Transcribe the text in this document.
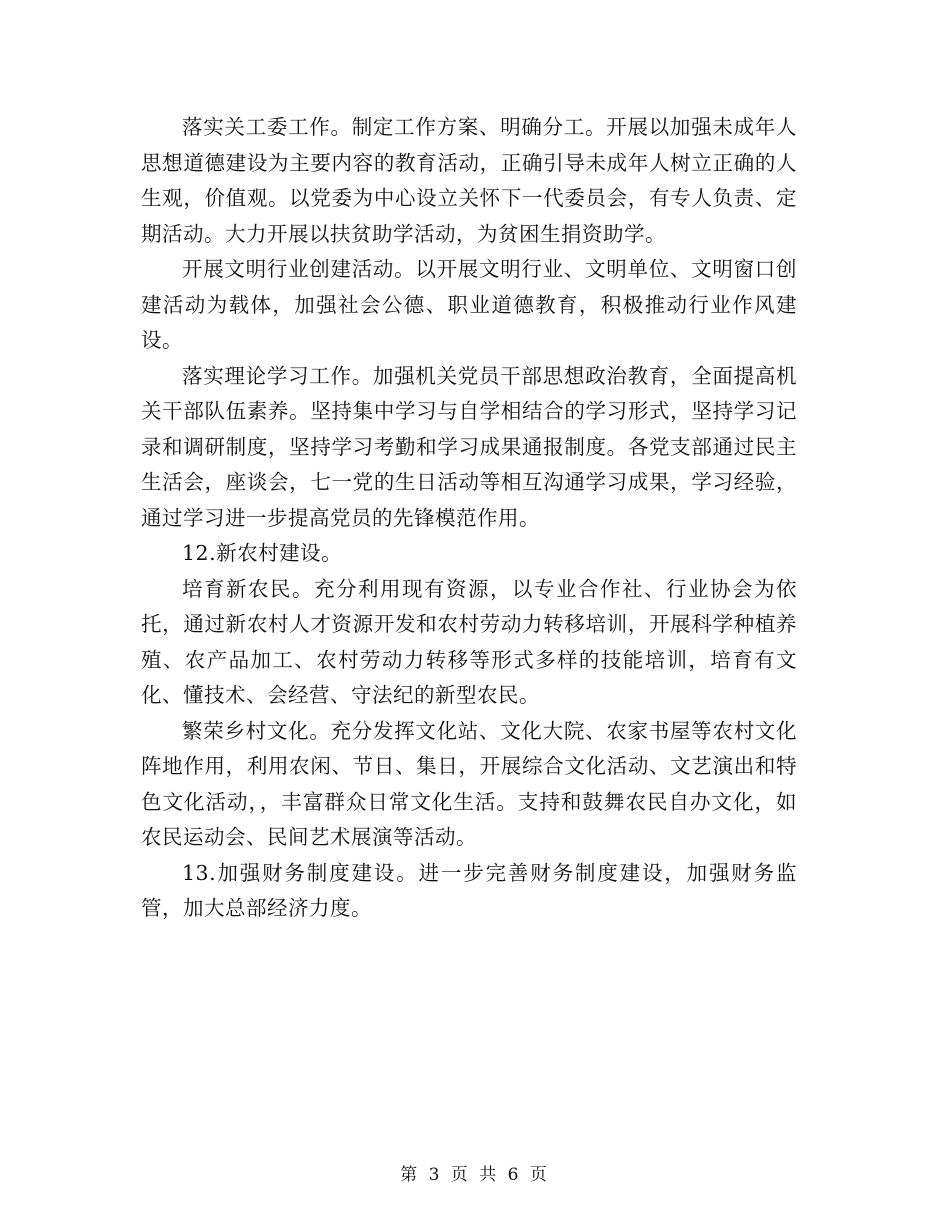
落实关工委工作。制定工作方案、明确分工。开展以加强未成年人思想道德建设为主要内容的教育活动，正确引导未成年人树立正确的人生观，价值观。以党委为中心设立关怀下一代委员会，有专人负责、定期活动。大力开展以扶贫助学活动，为贫困生捐资助学。

开展文明行业创建活动。以开展文明行业、文明单位、文明窗口创建活动为载体，加强社会公德、职业道德教育，积极推动行业作风建设。

落实理论学习工作。加强机关党员干部思想政治教育，全面提高机关干部队伍素养。坚持集中学习与自学相结合的学习形式，坚持学习记录和调研制度，坚持学习考勤和学习成果通报制度。各党支部通过民主生活会，座谈会，七一党的生日活动等相互沟通学习成果，学习经验，通过学习进一步提高党员的先锋模范作用。

12.新农村建设。

培育新农民。充分利用现有资源，以专业合作社、行业协会为依托，通过新农村人才资源开发和农村劳动力转移培训，开展科学种植养殖、农产品加工、农村劳动力转移等形式多样的技能培训，培育有文化、懂技术、会经营、守法纪的新型农民。

繁荣乡村文化。充分发挥文化站、文化大院、农家书屋等农村文化阵地作用，利用农闲、节日、集日，开展综合文化活动、文艺演出和特色文化活动，，丰富群众日常文化生活。支持和鼓舞农民自办文化，如农民运动会、民间艺术展演等活动。

13.加强财务制度建设。进一步完善财务制度建设，加强财务监管，加大总部经济力度。

第 3 页 共 6 页
